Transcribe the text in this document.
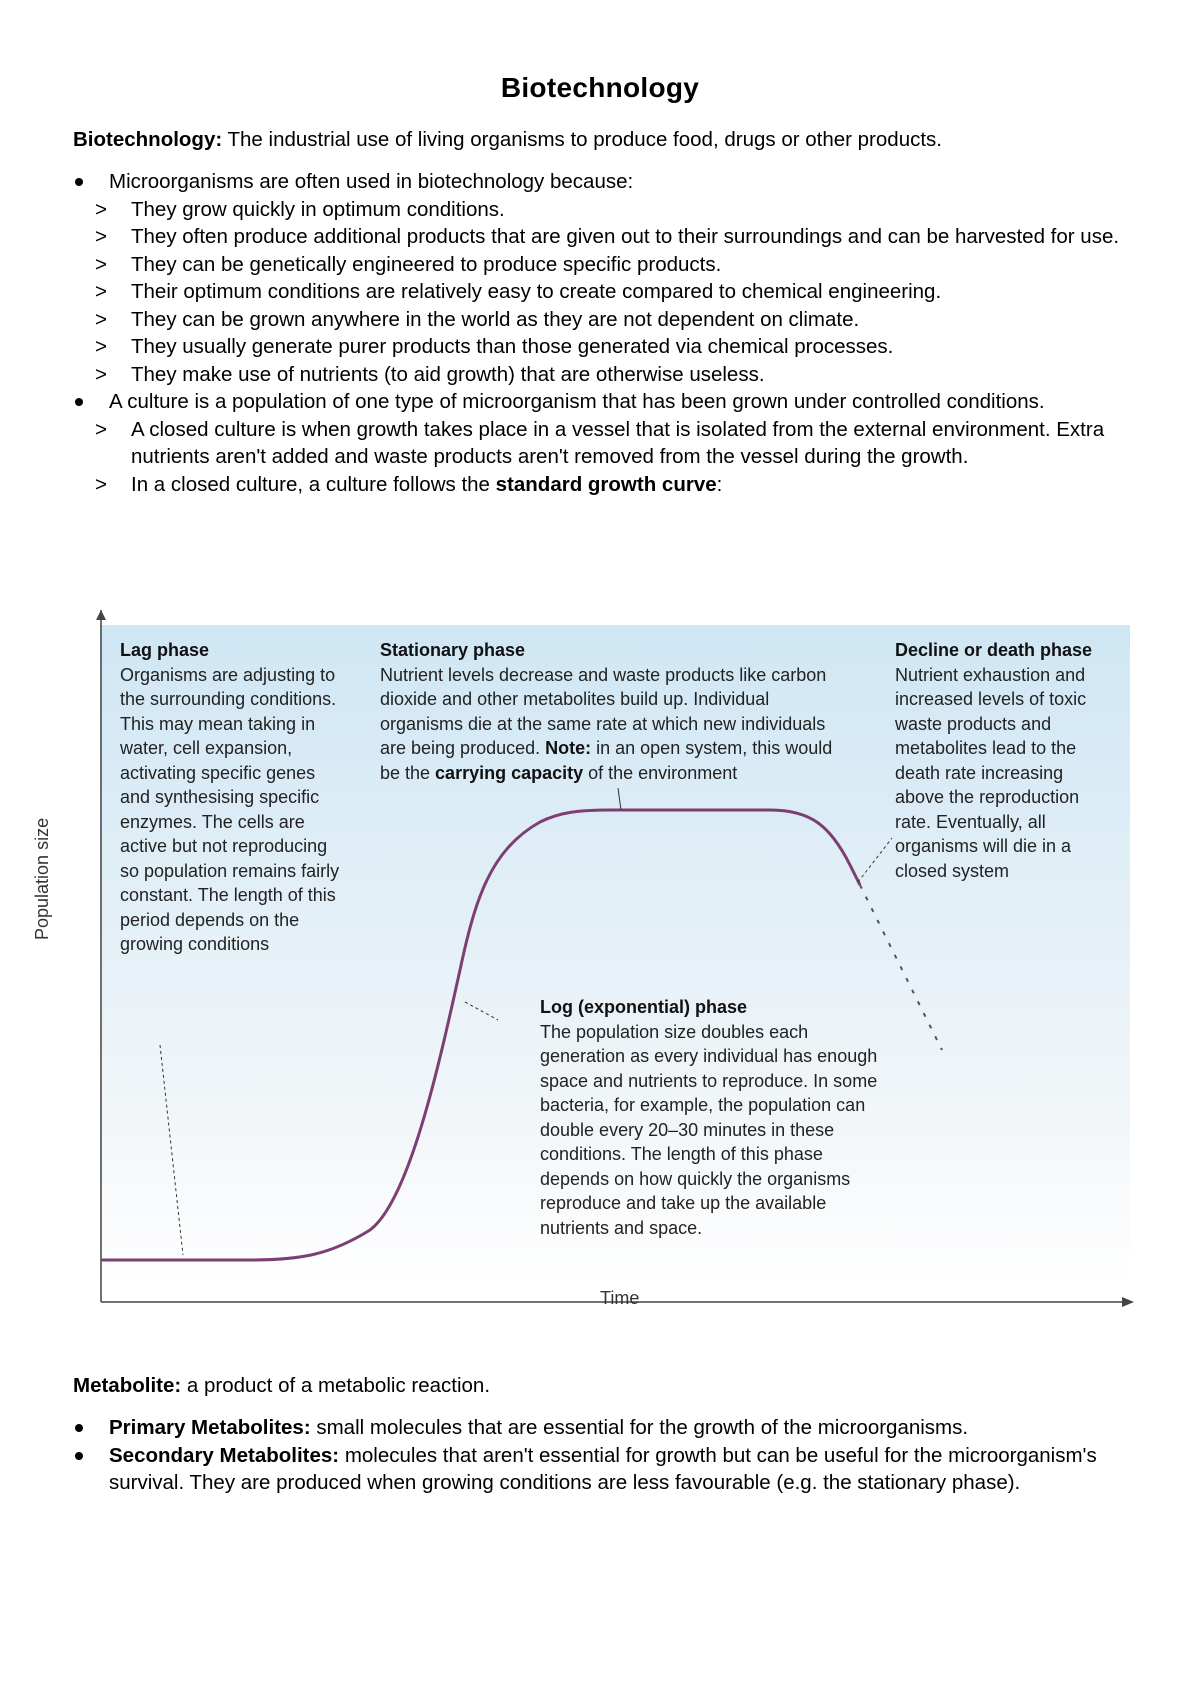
Biotechnology
Biotechnology: The industrial use of living organisms to produce food, drugs or other products.
Microorganisms are often used in biotechnology because:
> They grow quickly in optimum conditions.
> They often produce additional products that are given out to their surroundings and can be harvested for use.
> They can be genetically engineered to produce specific products.
> Their optimum conditions are relatively easy to create compared to chemical engineering.
> They can be grown anywhere in the world as they are not dependent on climate.
> They usually generate purer products than those generated via chemical processes.
> They make use of nutrients (to aid growth) that are otherwise useless.
A culture is a population of one type of microorganism that has been grown under controlled conditions.
> A closed culture is when growth takes place in a vessel that is isolated from the external environment. Extra nutrients aren't added and waste products aren't removed from the vessel during the growth.
> In a closed culture, a culture follows the standard growth curve:
Population size
Time
Lag phase
Organisms are adjusting to the surrounding conditions. This may mean taking in water, cell expansion, activating specific genes and synthesising specific enzymes. The cells are active but not reproducing so population remains fairly constant. The length of this period depends on the growing conditions
Stationary phase
Nutrient levels decrease and waste products like carbon dioxide and other metabolites build up. Individual organisms die at the same rate at which new individuals are being produced. Note: in an open system, this would be the carrying capacity of the environment
Decline or death phase
Nutrient exhaustion and increased levels of toxic waste products and metabolites lead to the death rate increasing above the reproduction rate. Eventually, all organisms will die in a closed system
Log (exponential) phase
The population size doubles each generation as every individual has enough space and nutrients to reproduce. In some bacteria, for example, the population can double every 20–30 minutes in these conditions. The length of this phase depends on how quickly the organisms reproduce and take up the available nutrients and space.
Metabolite: a product of a metabolic reaction.
Primary Metabolites: small molecules that are essential for the growth of the microorganisms.
Secondary Metabolites: molecules that aren't essential for growth but can be useful for the microorganism's survival. They are produced when growing conditions are less favourable (e.g. the stationary phase).
